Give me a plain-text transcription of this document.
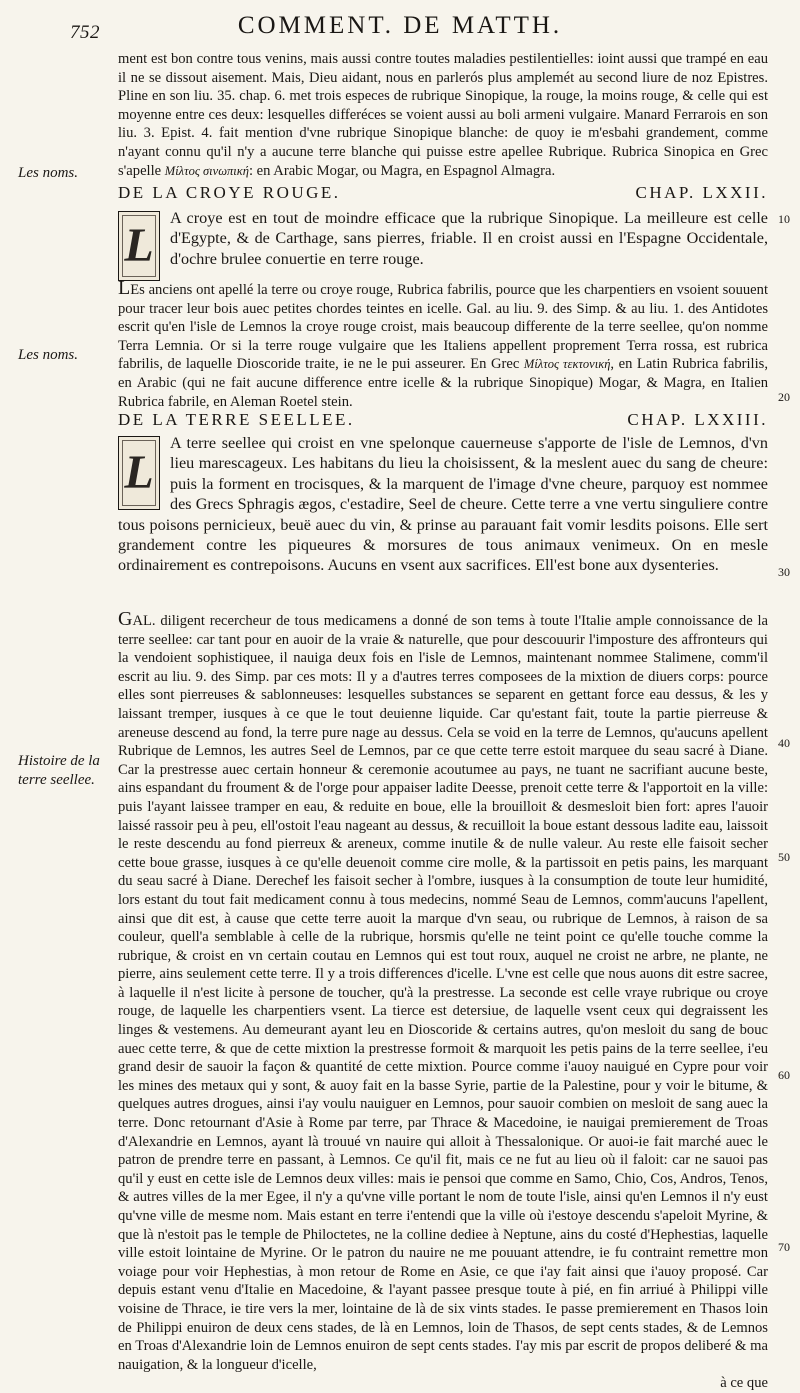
752	COMMENT. DE MATTH.

ment est bon contre tous venins, mais aussi contre toutes maladies pestilentielles: ioint aussi que trampé en eau il ne se dissout aisement. Mais, Dieu aidant, nous en parlerós plus amplemét au second liure de noz Epistres. Pline en son liu. 35. chap. 6. met trois especes de rubrique Sinopique, la rouge, la moins rouge, & celle qui est moyenne entre ces deux: lesquelles differéces se voient aussi au boli armeni vulgaire. Manard Ferrarois en son liu. 3. Epist. 4. fait mention d'vne rubrique Sinopique blanche: de quoy ie m'esbahi grandement, comme n'ayant connu qu'il n'y a aucune terre blanche qui puisse estre apellee Rubrique. Rubrica Sinopica en Grec s'apelle Μίλτος σινωπική: en Arabic Mogar, ou Magra, en Espagnol Almagra.

Les noms.
DE LA CROYE ROUGE.	CHAP. LXXII.
L

A croye est en tout de moindre efficace que la rubrique Sinopique. La meilleure est celle d'Egypte, & de Carthage, sans pierres, friable. Il en croist aussi en l'Espagne Occidentale, d'ochre brulee conuertie en terre rouge.

10

LEs anciens ont apellé la terre ou croye rouge, Rubrica fabrilis, pource que les charpentiers en vsoient souuent pour tracer leur bois auec petites chordes teintes en icelle. Gal. au liu. 9. des Simp. & au liu. 1. des Antidotes escrit qu'en l'isle de Lemnos la croye rouge croist, mais beaucoup differente de la terre seellee, qu'on nomme Terra Lemnia. Or si la terre rouge vulgaire que les Italiens appellent proprement Terra rossa, est rubrica fabrilis, de laquelle Dioscoride traite, ie ne le pui asseurer. En Grec Μίλτος τεκτονική, en Latin Rubrica fabrilis, en Arabic (qui ne fait aucune difference entre icelle & la rubrique Sinopique) Mogar, & Magra, en Italien Rubrica fabrile, en Aleman Roetel stein.

Les noms.
20
DE LA TERRE SEELLEE.	CHAP. LXXIII.
L

A terre seellee qui croist en vne spelonque cauerneuse s'apporte de l'isle de Lemnos, d'vn lieu marescageux. Les habitans du lieu la choisissent, & la meslent auec du sang de cheure: puis la forment en trocisques, & la marquent de l'image d'vne cheure, parquoy est nommee des Grecs Sphragis ægos, c'estadire, Seel de cheure. Cette terre a vne vertu singuliere contre tous poisons pernicieux, beuë auec du vin, & prinse au parauant fait vomir lesdits poisons. Elle sert grandement contre les piqueures & morsures de tous animaux venimeux. On en mesle ordinairement es contrepoisons. Aucuns en vsent aux sacrifices. Ell'est bone aux dysenteries.	30

GAL. diligent recercheur de tous medicamens a donné de son tems à toute l'Italie ample connoissance de la terre seellee: car tant pour en auoir de la vraie & naturelle, que pour descouurir l'imposture des affronteurs qui la vendoient sophistiquee, il nauiga deux fois en l'isle de Lemnos, maintenant nommee Stalimene, comm'il escrit au liu. 9. des Simp. par ces mots: Il y a d'autres terres composees de la mixtion de diuers corps: pource elles sont pierreuses & sablonneuses: lesquelles substances se separent en gettant force eau dessus, & les y laissant tremper, iusques à ce que le tout deuienne liquide. Car qu'estant fait, toute la partie pierreuse & areneuse descend au fond, la terre pure nage au dessus. Cela se void en la terre de Lemnos, qu'aucuns apellent Rubrique de Lemnos, les autres Seel de Lemnos, par ce que cette terre estoit marquee du seau sacré à Diane. Car la prestresse auec certain honneur & ceremonie acoutumee au pays, ne tuant ne sacrifiant aucune beste, ains espandant du froument & de l'orge pour appaiser ladite Deesse, prenoit cette terre & l'apportoit en la ville: puis l'ayant laissee tramper en eau, & reduite en boue, elle la brouilloit & desmesloit bien fort: apres l'auoir laissé rassoir peu à peu, ell'ostoit l'eau nageant au dessus, & recuilloit la boue estant dessous ladite eau, laissoit le reste descendu au fond pierreux & areneux, comme inutile & de nulle valeur. Au reste elle faisoit secher cette boue grasse, iusques à ce qu'elle deuenoit comme cire molle, & la partissoit en petis pains, les marquant du seau sacré à Diane. Derechef les faisoit secher à l'ombre, iusques à la consumption de toute leur humidité, lors estant du tout fait medicament connu à tous medecins, nommé Seau de Lemnos, comm'aucuns l'apellent, ainsi que dit est, à cause que cette terre auoit la marque d'vn seau, ou rubrique de Lemnos, à raison de sa couleur, quell'a semblable à celle de la rubrique, horsmis qu'elle ne teint point ce qu'elle touche comme la rubrique, & croist en vn certain coutau en Lemnos qui est tout roux, auquel ne croist ne arbre, ne plante, ne pierre, ains seulement cette terre. Il y a trois differences d'icelle. L'vne est celle que nous auons dit estre sacree, à laquelle il n'est licite à persone de toucher, qu'à la prestresse. La seconde est celle vraye rubrique ou croye rouge, de laquelle les charpentiers vsent. La tierce est detersiue, de laquelle vsent ceux qui degraissent les linges & vestemens. Au demeurant ayant leu en Dioscoride & certains autres, qu'on mesloit du sang de bouc auec cette terre, & que de cette mixtion la prestresse formoit & marquoit les petis pains de la terre seellee, i'eu grand desir de sauoir la façon & quantité de cette mixtion. Pource comme i'auoy nauigué en Cypre pour voir les mines des metaux qui y sont, & auoy fait en la basse Syrie, partie de la Palestine, pour y voir le bitume, & quelques autres drogues, ainsi i'ay voulu nauiguer en Lemnos, pour sauoir combien on mesloit de sang auec la terre. Donc retournant d'Asie à Rome par terre, par Thrace & Macedoine, ie nauigai premierement de Troas d'Alexandrie en Lemnos, ayant là trouué vn nauire qui alloit à Thessalonique. Or auoi-ie fait marché auec le patron de prendre terre en passant, à Lemnos. Ce qu'il fit, mais ce ne fut au lieu où il faloit: car ne sauoi pas qu'il y eust en cette isle de Lemnos deux villes: mais ie pensoi que comme en Samo, Chio, Cos, Andros, Tenos, & autres villes de la mer Egee, il n'y a qu'vne ville portant le nom de toute l'isle, ainsi qu'en Lemnos il n'y eust qu'vne ville de mesme nom. Mais estant en terre i'entendi que la ville où i'estoye descendu s'apeloit Myrine, & que là n'estoit pas le temple de Philoctetes, ne la colline dediee à Neptune, ains du costé d'Hephestias, laquelle ville estoit lointaine de Myrine. Or le patron du nauire ne me pouuant attendre, ie fu contraint remettre mon voiage pour voir Hephestias, à mon retour de Rome en Asie, ce que i'ay fait ainsi que i'auoy proposé. Car depuis estant venu d'Italie en Macedoine, & l'ayant passee presque toute à pié, en fin arriué à Philippi ville voisine de Thrace, ie tire vers la mer, lointaine de là de six vints stades. Ie passe premierement en Thasos loin de Philippi enuiron de deux cens stades, de là en Lemnos, loin de Thasos, de sept cents stades, & de Lemnos en Troas d'Alexandrie loin de Lemnos enuiron de sept cents stades. I'ay mis par escrit de propos deliberé & ma nauigation, & la longueur d'icelle,

à ce que

Histoire de la terre seellee.
40
50
60
70
